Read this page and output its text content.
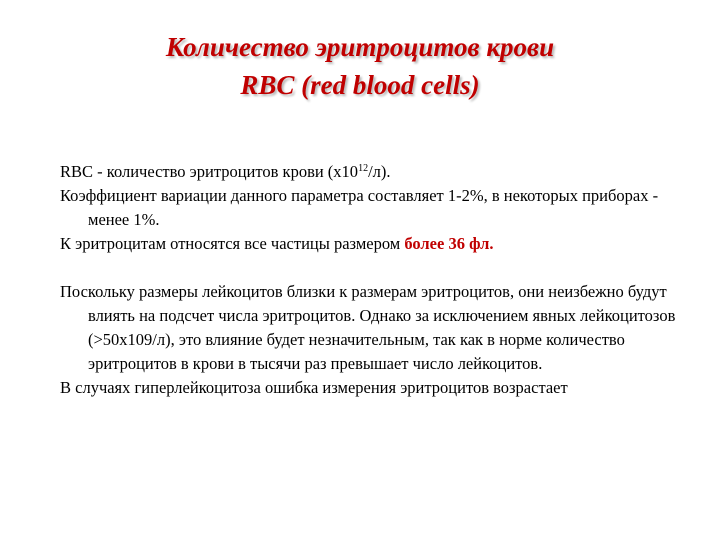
Количество эритроцитов крови
RBC (red blood cells)

RBC - количество эритроцитов крови $(х10^{12}/л)$.

Коэффициент вариации данного параметра составляет 1-2%, в некоторых приборах - менее 1%.

К эритроцитам относятся все частицы размером более 36 фл.

Поскольку размеры лейкоцитов близки к размерам эритроцитов, они неизбежно будут влиять на подсчет числа эритроцитов. Однако за исключением явных лейкоцитозов (>50х109/л), это влияние будет незначительным, так как в норме количество эритроцитов в крови в тысячи раз превышает число лейкоцитов.

В случаях гиперлейкоцитоза ошибка измерения эритроцитов возрастает
